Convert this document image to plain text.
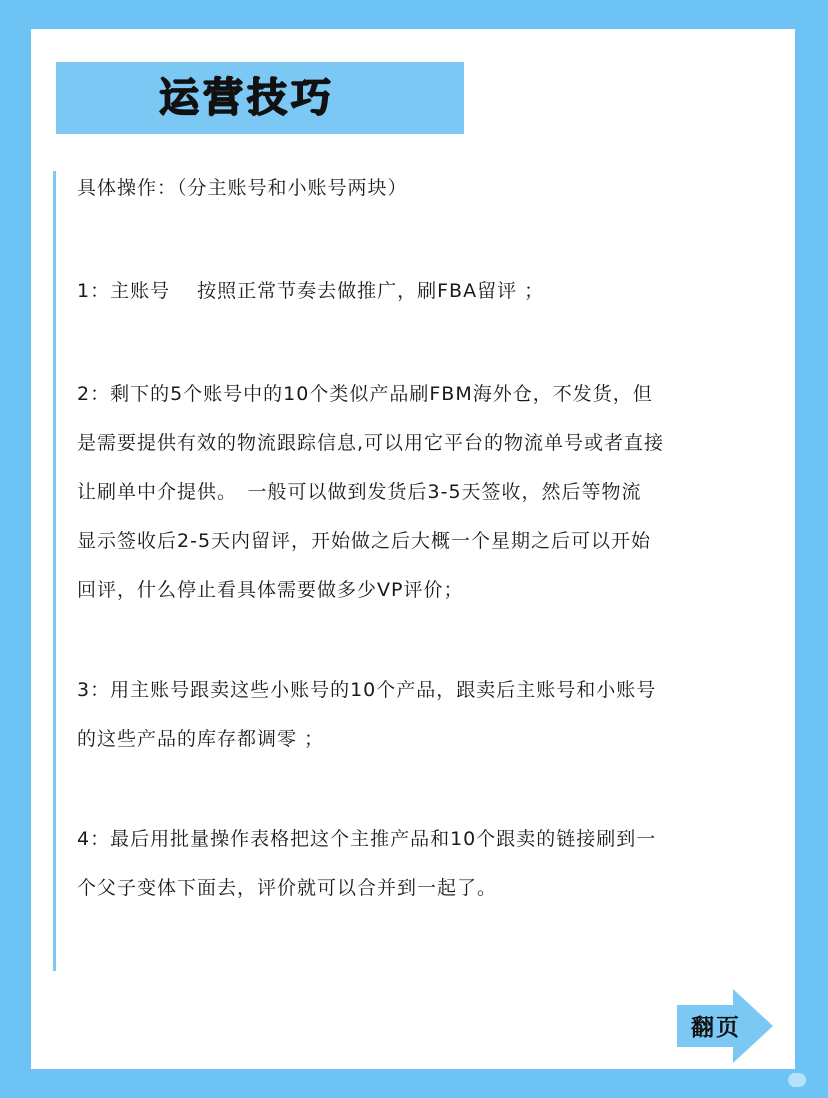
运营技巧
具体操作：（分主账号和小账号两块）
1：主账号　 按照正常节奏去做推广，刷FBA留评 ；
2：剩下的5个账号中的10个类似产品刷FBM海外仓，不发货，但
是需要提供有效的物流跟踪信息,可以用它平台的物流单号或者直接
让刷单中介提供。　一般可以做到发货后3-5天签收，然后等物流
显示签收后2-5天内留评，开始做之后大概一个星期之后可以开始
回评，什么停止看具体需要做多少VP评价；
3：用主账号跟卖这些小账号的10个产品，跟卖后主账号和小账号
的这些产品的库存都调零 ；
4：最后用批量操作表格把这个主推产品和10个跟卖的链接刷到一
个父子变体下面去，评价就可以合并到一起了。
翻页
